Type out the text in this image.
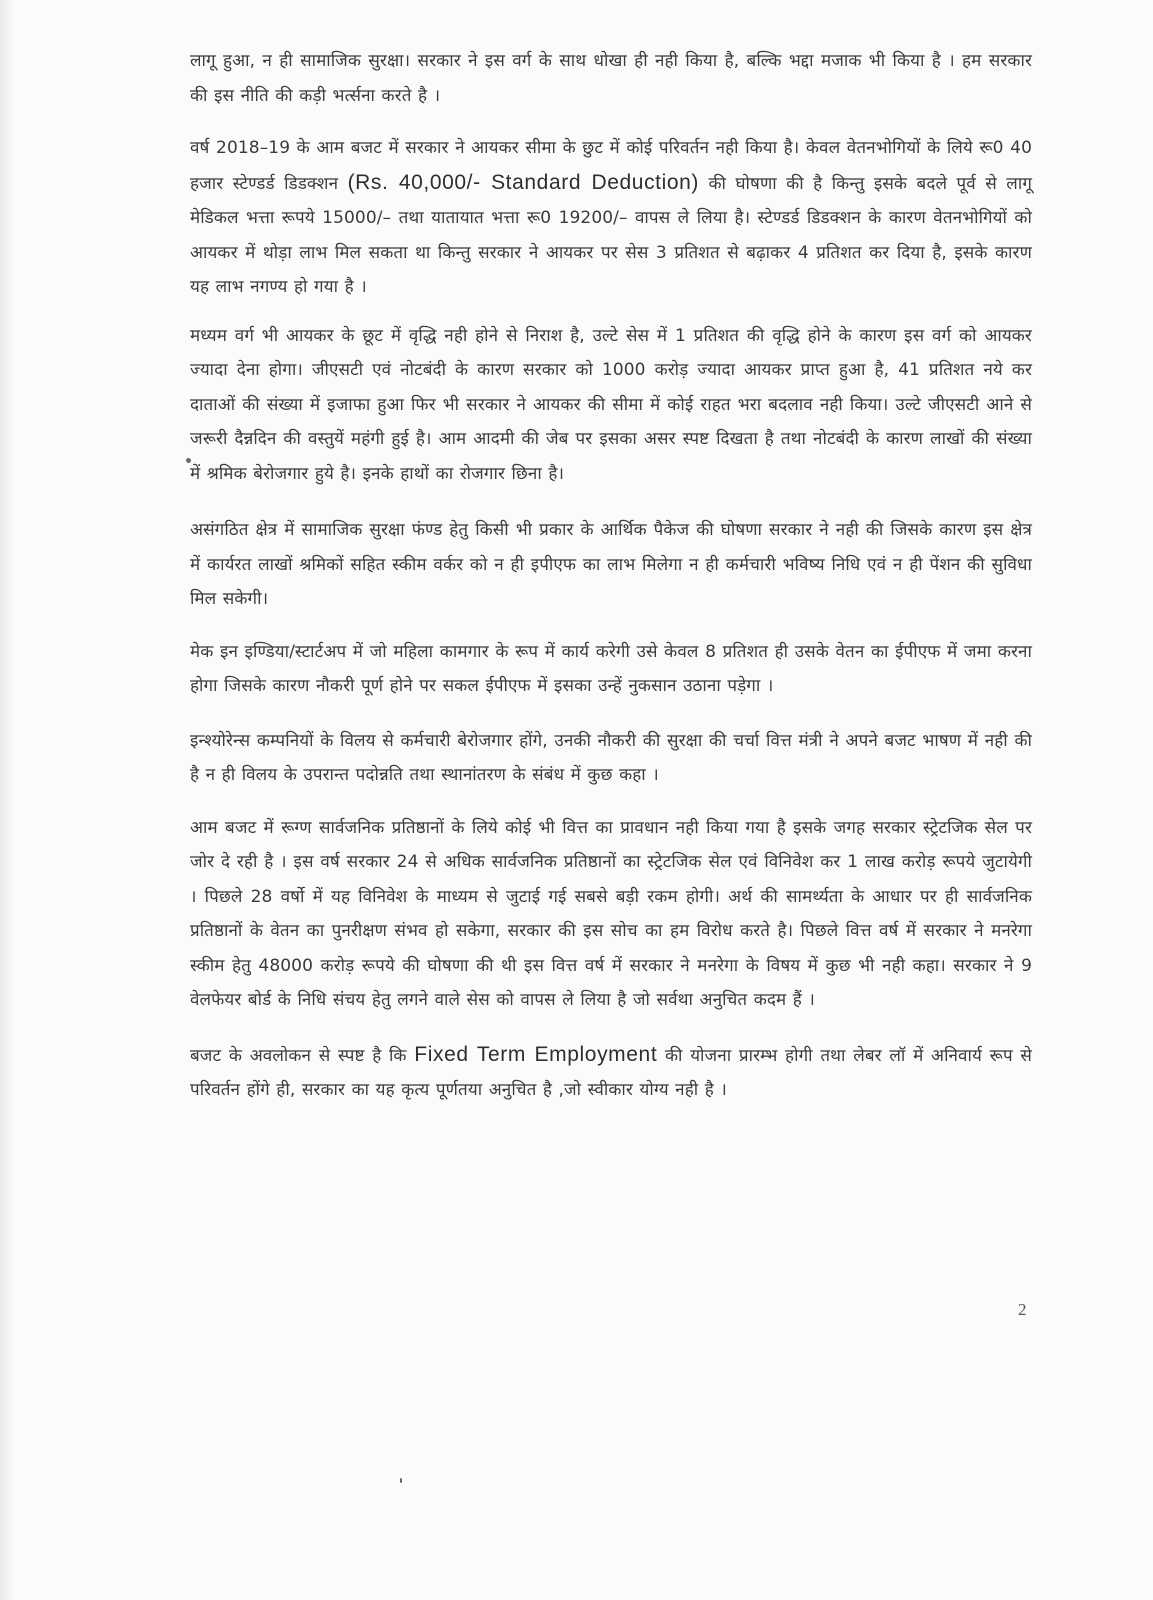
लागू हुआ, न ही सामाजिक सुरक्षा। सरकार ने इस वर्ग के साथ धोखा ही नही किया है, बल्कि भद्दा मजाक भी किया है । हम सरकार की इस नीति की कड़ी भर्त्सना करते है ।

वर्ष 2018–19 के आम बजट में सरकार ने आयकर सीमा के छुट में कोई परिवर्तन नही किया है। केवल वेतनभोगियों के लिये रू0 40 हजार स्टेण्डर्ड डिडक्शन (Rs. 40,000/- Standard Deduction) की घोषणा की है किन्तु इसके बदले पूर्व से लागू मेडिकल भत्ता रूपये 15000/– तथा यातायात भत्ता रू0 19200/– वापस ले लिया है। स्टेण्डर्ड डिडक्शन के कारण वेतनभोगियों को आयकर में थोड़ा लाभ मिल सकता था किन्तु सरकार ने आयकर पर सेस 3 प्रतिशत से बढ़ाकर 4 प्रतिशत कर दिया है, इसके कारण यह लाभ नगण्य हो गया है ।

मध्यम वर्ग भी आयकर के छूट में वृद्धि नही होने से निराश है, उल्टे सेस में 1 प्रतिशत की वृद्धि होने के कारण इस वर्ग को आयकर ज्यादा देना होगा। जीएसटी एवं नोटबंदी के कारण सरकार को 1000 करोड़ ज्यादा आयकर प्राप्त हुआ है, 41 प्रतिशत नये कर दाताओं की संख्या में इजाफा हुआ फिर भी सरकार ने आयकर की सीमा में कोई राहत भरा बदलाव नही किया। उल्टे जीएसटी आने से जरूरी दैन्नदिन की वस्तुयें महंगी हुई है। आम आदमी की जेब पर इसका असर स्पष्ट दिखता है तथा नोटबंदी के कारण लाखों की संख्या में श्रमिक बेरोजगार हुये है। इनके हाथों का रोजगार छिना है।

असंगठित क्षेत्र में सामाजिक सुरक्षा फंण्ड हेतु किसी भी प्रकार के आर्थिक पैकेज की घोषणा सरकार ने नही की जिसके कारण इस क्षेत्र में कार्यरत लाखों श्रमिकों सहित स्कीम वर्कर को न ही इपीएफ का लाभ मिलेगा न ही कर्मचारी भविष्य निधि एवं न ही पेंशन की सुविधा मिल सकेगी।

मेक इन इण्डिया/स्टार्टअप में जो महिला कामगार के रूप में कार्य करेगी उसे केवल 8 प्रतिशत ही उसके वेतन का ईपीएफ में जमा करना होगा जिसके कारण नौकरी पूर्ण होने पर सकल ईपीएफ में इसका उन्हें नुकसान उठाना पड़ेगा ।

इन्श्योरेन्स कम्पनियों के विलय से कर्मचारी बेरोजगार होंगे, उनकी नौकरी की सुरक्षा की चर्चा वित्त मंत्री ने अपने बजट भाषण में नही की है न ही विलय के उपरान्त पदोन्नति तथा स्थानांतरण के संबंध में कुछ कहा ।

आम बजट में रूग्ण सार्वजनिक प्रतिष्ठानों के लिये कोई भी वित्त का प्रावधान नही किया गया है इसके जगह सरकार स्ट्रेटजिक सेल पर जोर दे रही है । इस वर्ष सरकार 24 से अधिक सार्वजनिक प्रतिष्ठानों का स्ट्रेटजिक सेल एवं विनिवेश कर 1 लाख करोड़ रूपये जुटायेगी । पिछले 28 वर्षो में यह विनिवेश के माध्यम से जुटाई गई सबसे बड़ी रकम होगी। अर्थ की सामर्थ्यता के आधार पर ही सार्वजनिक प्रतिष्ठानों के वेतन का पुनरीक्षण संभव हो सकेगा, सरकार की इस सोच का हम विरोध करते है। पिछले वित्त वर्ष में सरकार ने मनरेगा स्कीम हेतु 48000 करोड़ रूपये की घोषणा की थी इस वित्त वर्ष में सरकार ने मनरेगा के विषय में कुछ भी नही कहा। सरकार ने 9 वेलफेयर बोर्ड के निधि संचय हेतु लगने वाले सेस को वापस ले लिया है जो सर्वथा अनुचित कदम हैं ।

बजट के अवलोकन से स्पष्ट है कि Fixed Term Employment की योजना प्रारम्भ होगी तथा लेबर लॉ में अनिवार्य रूप से परिवर्तन होंगे ही, सरकार का यह कृत्य पूर्णतया अनुचित है ,जो स्वीकार योग्य नही है ।

2
